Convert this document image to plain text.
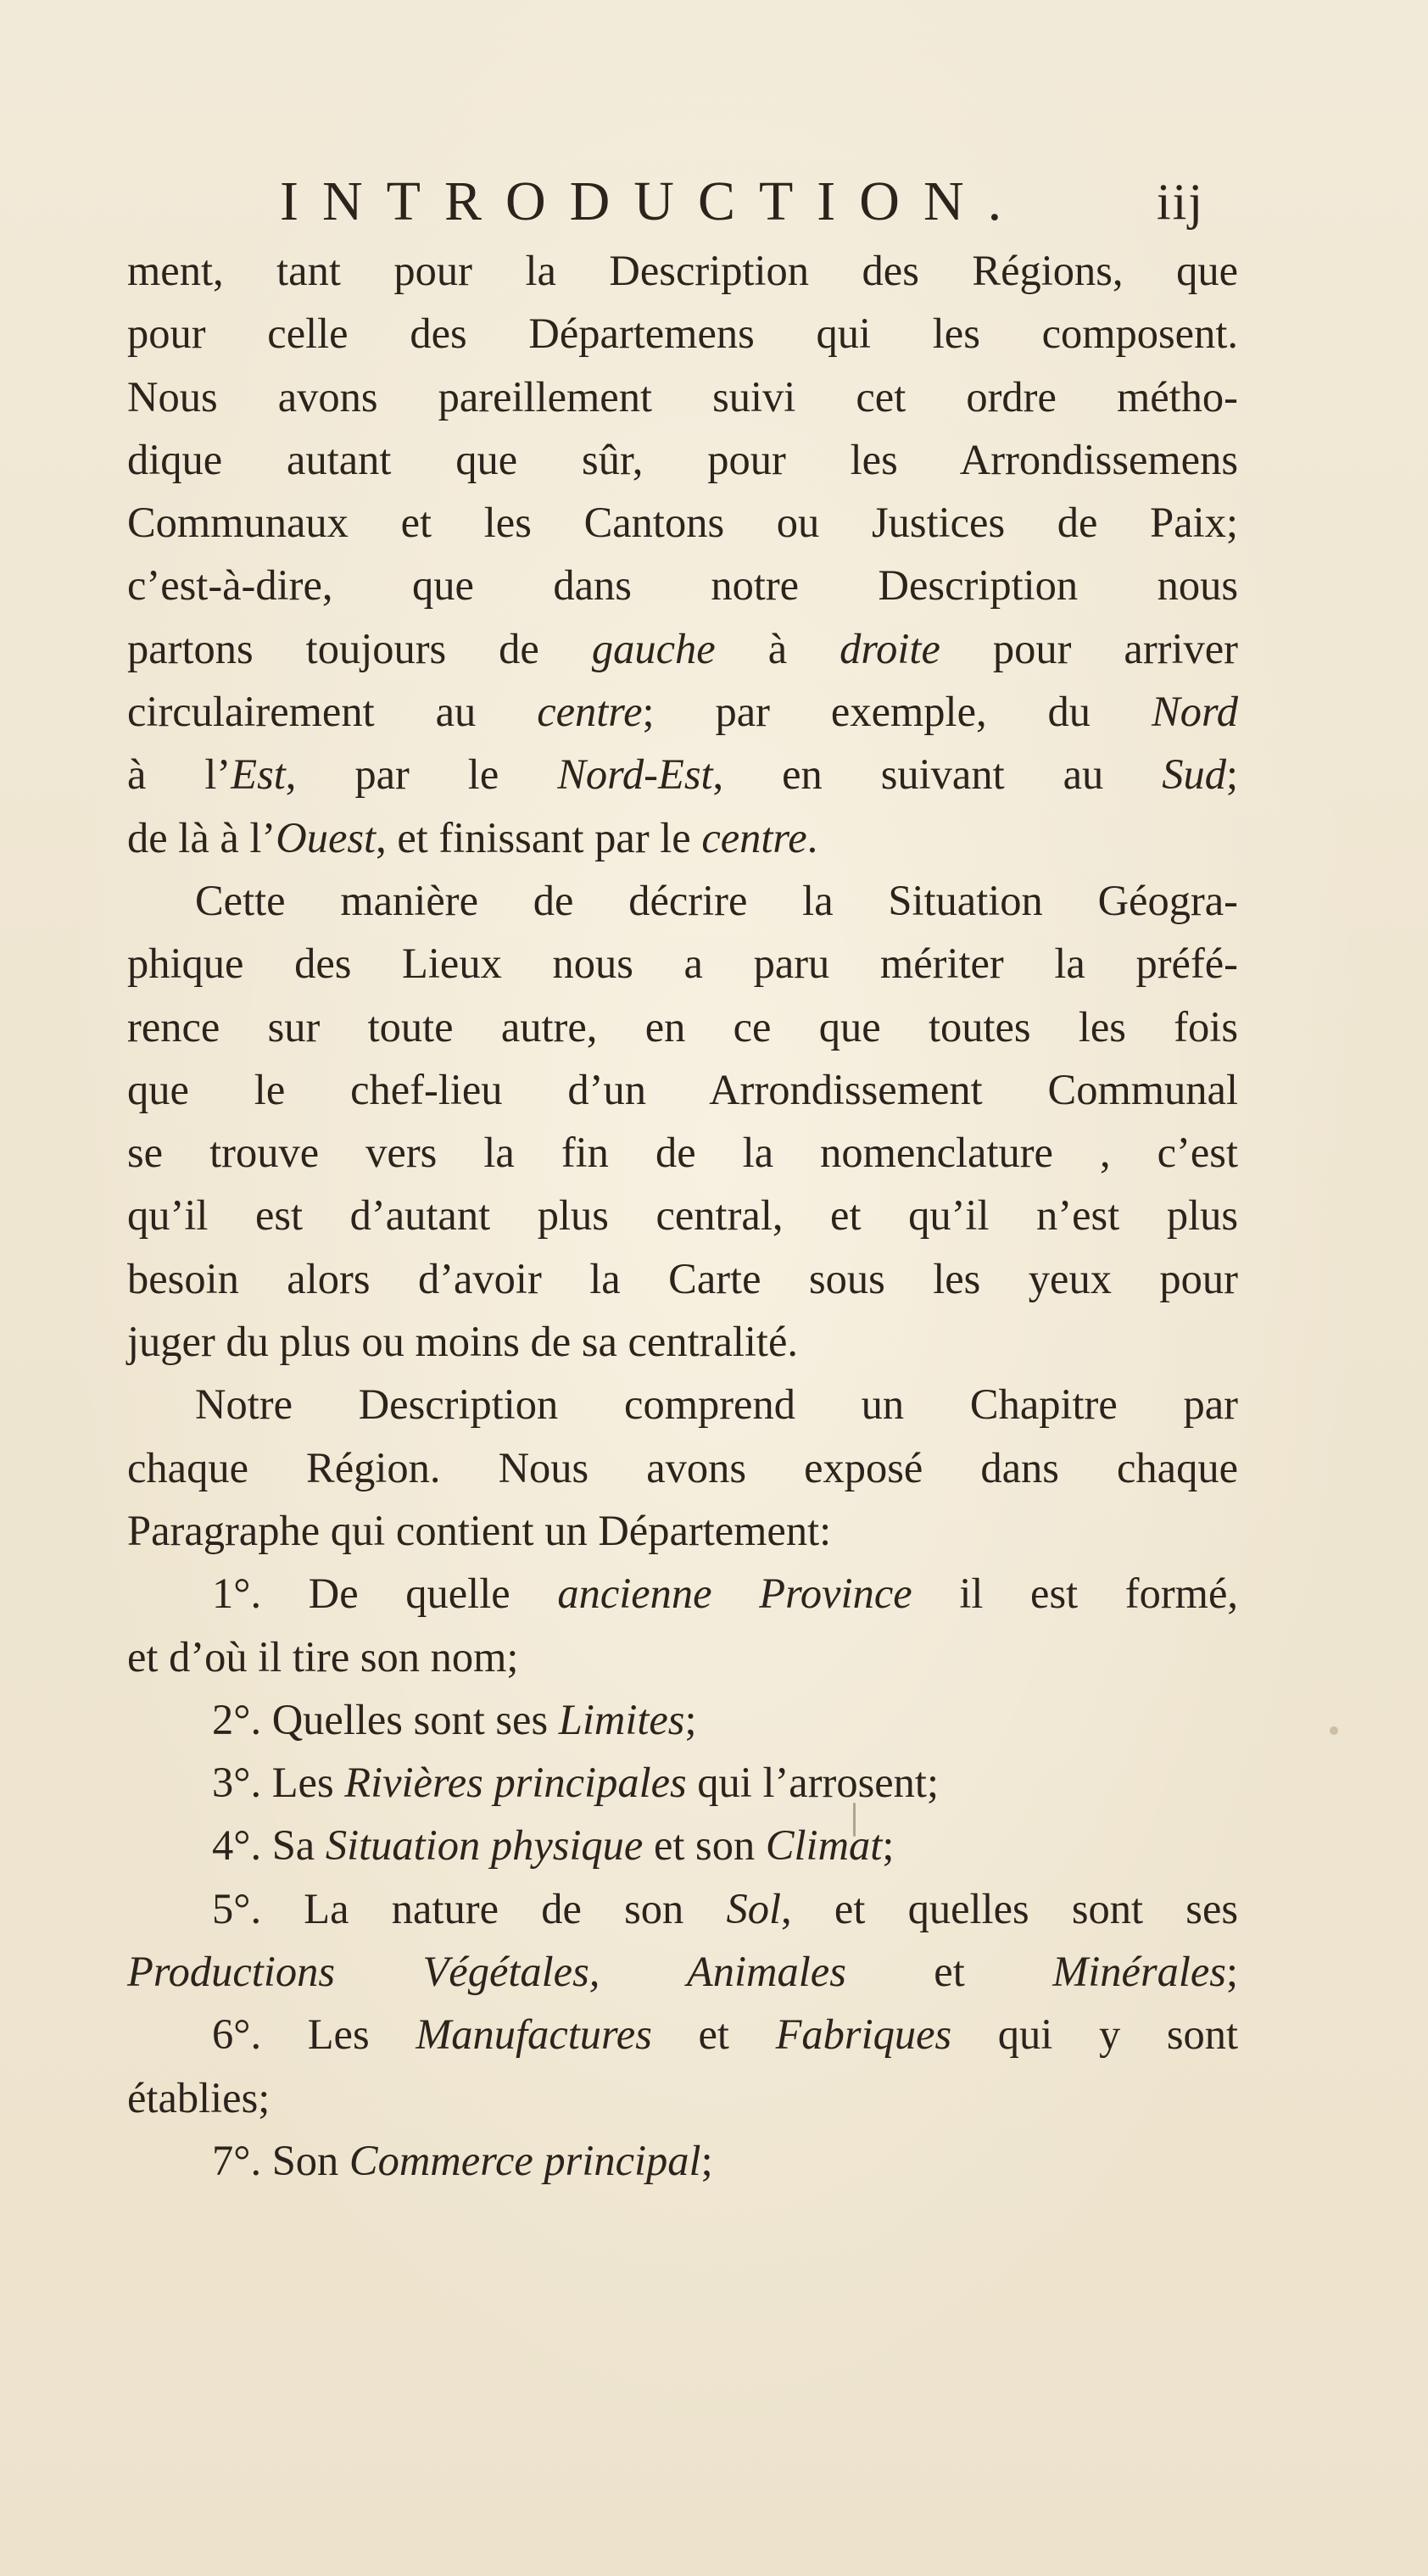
INTRODUCTION.	iij

ment, tant pour la Description des Régions, que
pour celle des Départemens qui les composent.
Nous avons pareillement suivi cet ordre métho-
dique autant que sûr, pour les Arrondissemens
Communaux et les Cantons ou Justices de Paix;
c’est-à-dire, que dans notre Description nous
partons toujours de gauche à droite pour arriver
circulairement au centre; par exemple, du Nord
à l’Est, par le Nord-Est, en suivant au Sud;
de là à l’Ouest, et finissant par le centre.

Cette manière de décrire la Situation Géogra-

phique des Lieux nous a paru mériter la préfé-
rence sur toute autre, en ce que toutes les fois
que le chef-lieu d’un Arrondissement Communal
se trouve vers la fin de la nomenclature , c’est
qu’il est d’autant plus central, et qu’il n’est plus
besoin alors d’avoir la Carte sous les yeux pour
juger du plus ou moins de sa centralité.

Notre Description comprend un Chapitre par

chaque Région. Nous avons exposé dans chaque
Paragraphe qui contient un Département:

1°. De quelle ancienne Province il est formé,
et d’où il tire son nom;
2°. Quelles sont ses Limites;
3°. Les Rivières principales qui l’arrosent;
4°. Sa Situation physique et son Climat;
5°. La nature de son Sol, et quelles sont ses
Productions Végétales, Animales et Minérales;
6°. Les Manufactures et Fabriques qui y sont
établies;
7°. Son Commerce principal;
